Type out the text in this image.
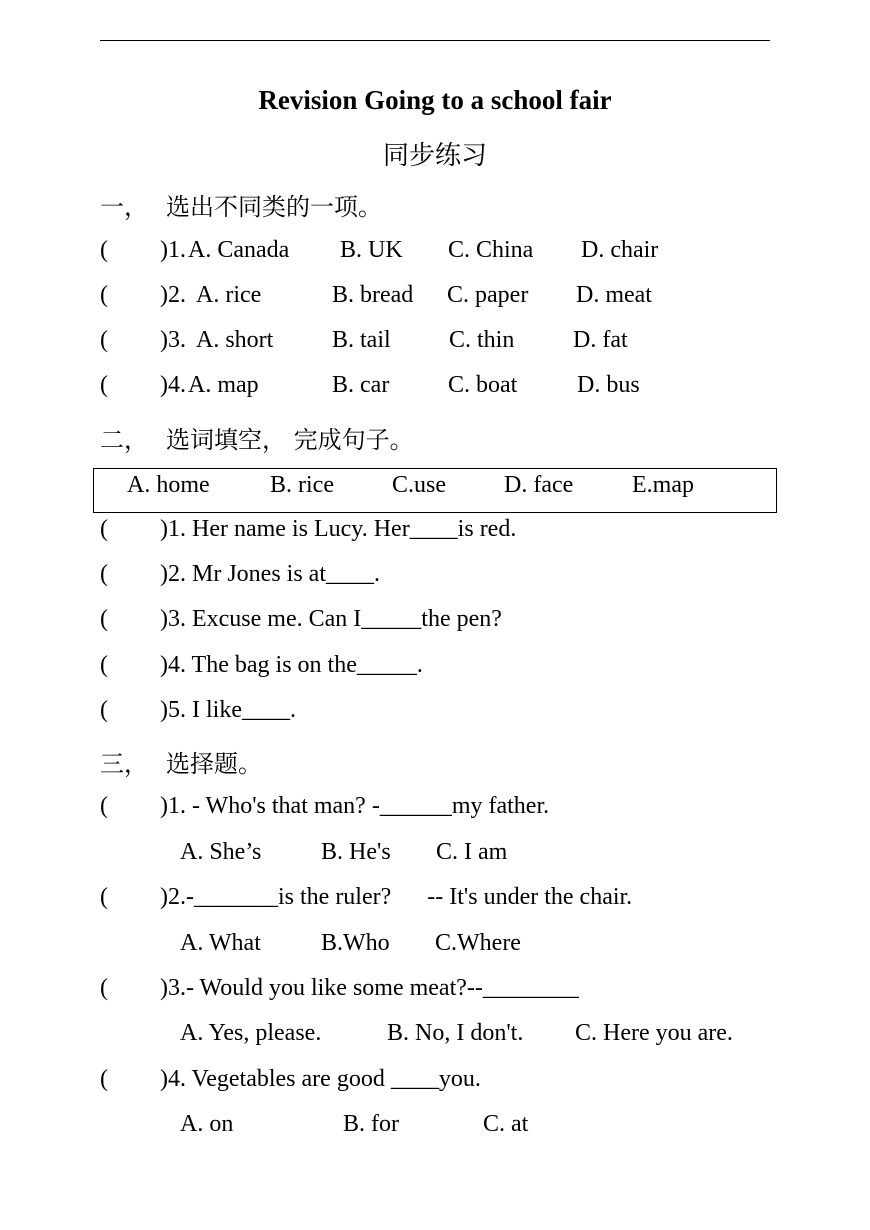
Revision Going to a school fair
同步练习
一， 选出不同类的一项。
( )1. A. Canada B. UK C. China D. chair
( )2. A. rice	B. bread C. paper D. meat
( )3. A. short B. tail C. thin D. fat
( )4. A. map	B. car C. boat D. bus
二， 选词填空， 完成句子。
A. home	B. rice C.use D. face E.map
( )1. Her name is Lucy. Her____is red.
( )2. Mr Jones is at____.
( )3. Excuse me. Can I_____the pen?
( )4. The bag is on the_____.
( )5. I like____.
三， 选择题。
( )1. - Who's that man? -______my father.
A. She’s B. He's C. I am
( )2.-_______is the ruler?      -- It's under the chair.
A. What	B.Who C.Where
( )3.- Would you like some meat?--________
A. Yes, please.	B. No, I don't. C. Here you are.
( )4. Vegetables are good ____you.
A. on	B. for	C. at
